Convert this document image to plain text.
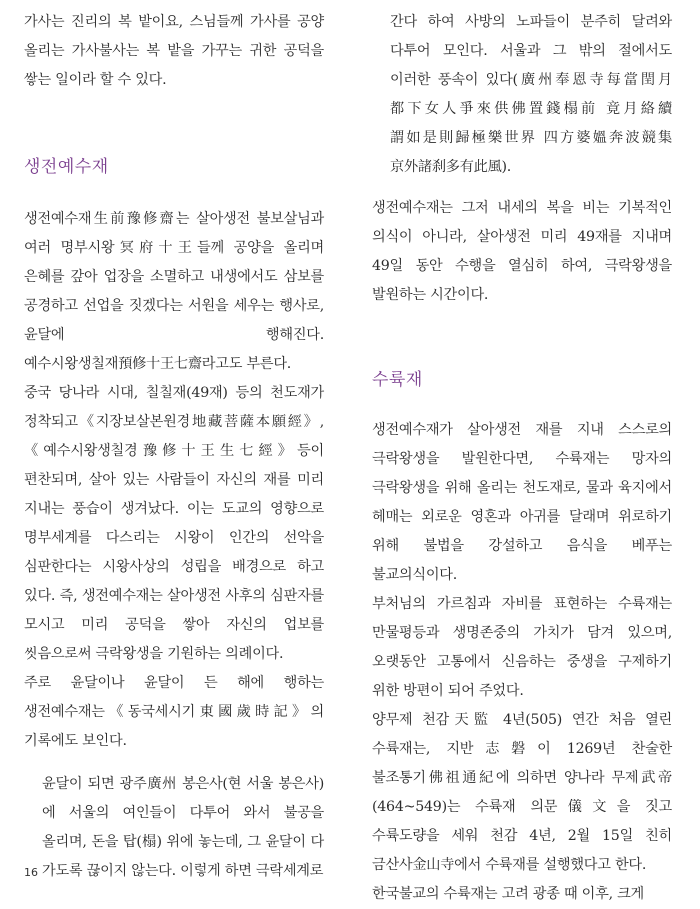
가사는 진리의 복 밭이요, 스님들께 가사를 공양 올리는 가사불사는 복 밭을 가꾸는 귀한 공덕을 쌓는 일이라 할 수 있다.

생전예수재

생전예수재生前豫修齋는 살아생전 불보살님과 여러 명부시왕冥府十王들께 공양을 올리며 은혜를 갚아 업장을 소멸하고 내생에서도 삼보를 공경하고 선업을 짓겠다는 서원을 세우는 행사로, 윤달에 행해진다. 예수시왕생칠재預修十王七齋라고도 부른다.

중국 당나라 시대, 칠칠재(49재) 등의 천도재가 정착되고《지장보살본원경地藏菩薩本願經》,《예수시왕생칠경豫修十王生七經》등이 편찬되며, 살아 있는 사람들이 자신의 재를 미리 지내는 풍습이 생겨났다. 이는 도교의 영향으로 명부세계를 다스리는 시왕이 인간의 선악을 심판한다는 시왕사상의 성립을 배경으로 하고 있다. 즉, 생전예수재는 살아생전 사후의 심판자를 모시고 미리 공덕을 쌓아 자신의 업보를 씻음으로써 극락왕생을 기원하는 의례이다.

주로 윤달이나 윤달이 든 해에 행하는 생전예수재는《동국세시기東國歲時記》의 기록에도 보인다.

윤달이 되면 광주廣州 봉은사(현 서울 봉은사)에 서울의 여인들이 다투어 와서 불공을 올리며, 돈을 탑(榻) 위에 놓는데, 그 윤달이 다 가도록 끊이지 않는다. 이렇게 하면 극락세계로

간다 하여 사방의 노파들이 분주히 달려와 다투어 모인다. 서울과 그 밖의 절에서도 이러한 풍속이 있다(廣州奉恩寺每當閏月 都下女人爭來供佛置錢榻前 竟月絡續 謂如是則歸極樂世界 四方婆媼奔波競集 京外諸刹多有此風).

생전예수재는 그저 내세의 복을 비는 기복적인 의식이 아니라, 살아생전 미리 49재를 지내며 49일 동안 수행을 열심히 하여, 극락왕생을 발원하는 시간이다.

수륙재

생전예수재가 살아생전 재를 지내 스스로의 극락왕생을 발원한다면, 수륙재는 망자의 극락왕생을 위해 올리는 천도재로, 물과 육지에서 헤매는 외로운 영혼과 아귀를 달래며 위로하기 위해 불법을 강설하고 음식을 베푸는 불교의식이다.

부처님의 가르침과 자비를 표현하는 수륙재는 만물평등과 생명존중의 가치가 담겨 있으며, 오랫동안 고통에서 신음하는 중생을 구제하기 위한 방편이 되어 주었다.

양무제 천감天監 4년(505) 연간 처음 열린 수륙재는, 지반志磐이 1269년 찬술한 불조통기佛祖通紀에 의하면 양나라 무제武帝(464~549)는 수륙재 의문儀文을 짓고 수륙도량을 세워 천감 4년, 2월 15일 친히 금산사金山寺에서 수륙재를 설행했다고 한다.

한국불교의 수륙재는 고려 광종 때 이후, 크게

16
